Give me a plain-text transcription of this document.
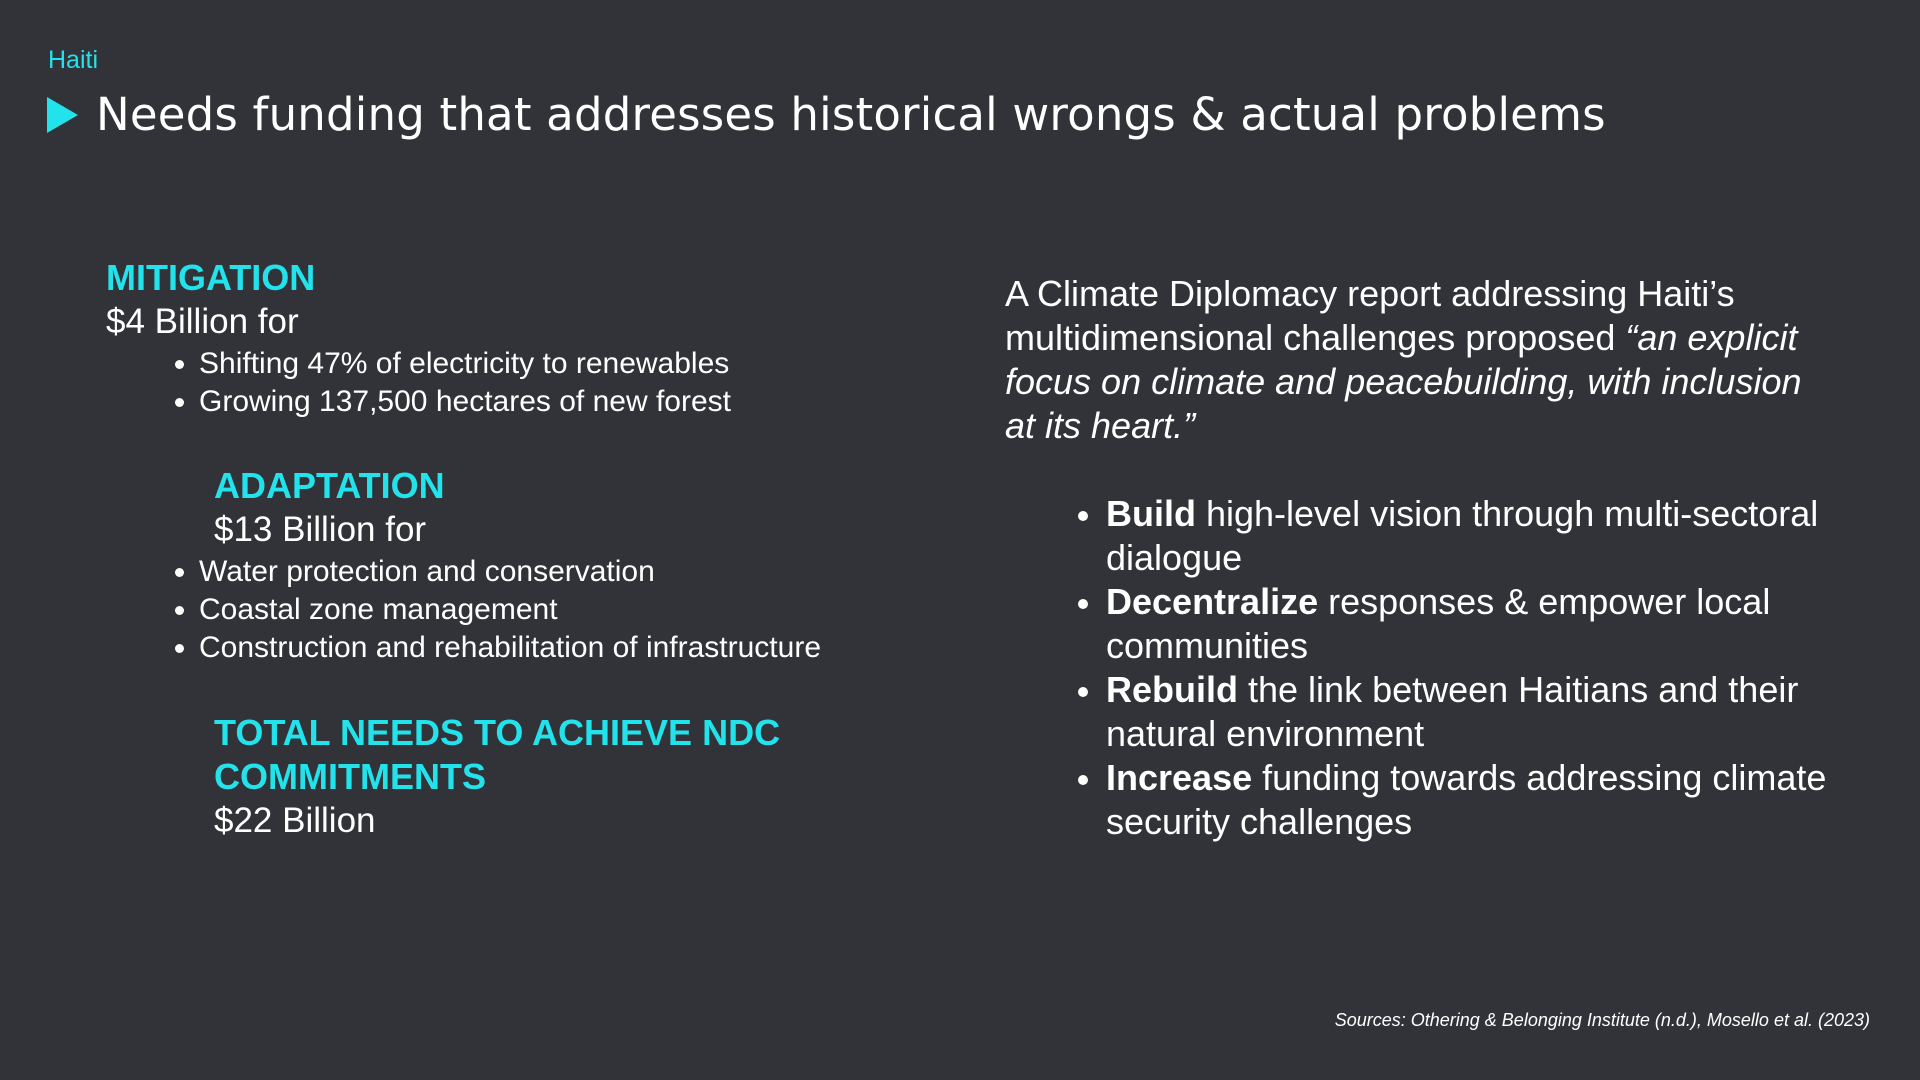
Haiti
Needs funding that addresses historical wrongs & actual problems
MITIGATION
$4 Billion for
Shifting 47% of electricity to renewables
Growing 137,500 hectares of new forest
ADAPTATION
$13 Billion for
Water protection and conservation
Coastal zone management
Construction and rehabilitation of infrastructure
TOTAL NEEDS TO ACHIEVE NDC
COMMITMENTS
$22 Billion
A Climate Diplomacy report addressing Haiti’s multidimensional challenges proposed “an explicit focus on climate and peacebuilding, with inclusion at its heart.”
Build high-level vision through multi-sectoral dialogue
Decentralize responses & empower local communities
Rebuild the link between Haitians and their natural environment
Increase funding towards addressing climate security challenges
Sources: Othering & Belonging Institute (n.d.), Mosello et al. (2023)
